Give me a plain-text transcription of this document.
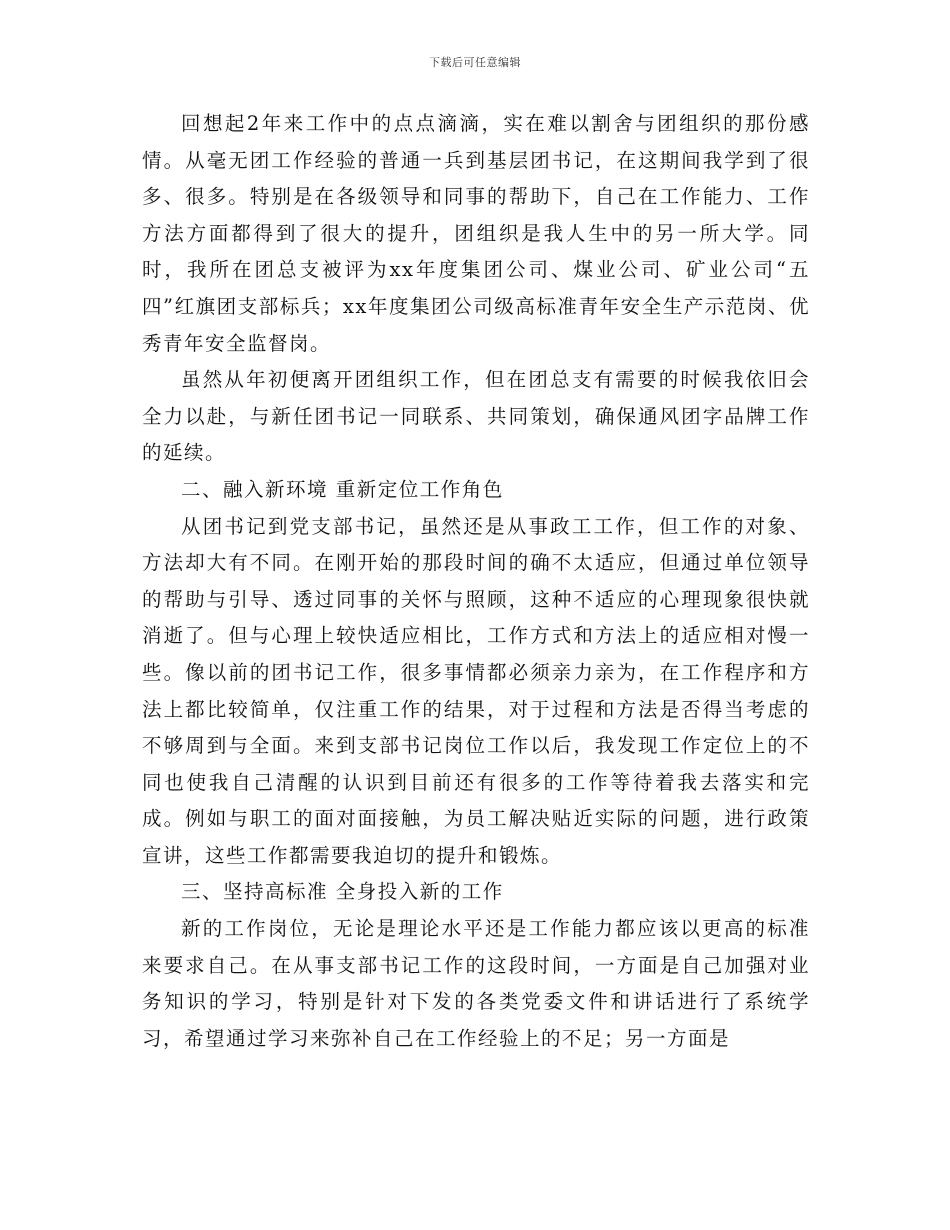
下载后可任意编辑

回想起2年来工作中的点点滴滴，实在难以割舍与团组织的那份感情。从毫无团工作经验的普通一兵到基层团书记，在这期间我学到了很多、很多。特别是在各级领导和同事的帮助下，自己在工作能力、工作方法方面都得到了很大的提升，团组织是我人生中的另一所大学。同时，我所在团总支被评为xx年度集团公司、煤业公司、矿业公司“五四”红旗团支部标兵；xx年度集团公司级高标准青年安全生产示范岗、优秀青年安全监督岗。

虽然从年初便离开团组织工作，但在团总支有需要的时候我依旧会全力以赴，与新任团书记一同联系、共同策划，确保通风团字品牌工作的延续。

二、融入新环境 重新定位工作角色

从团书记到党支部书记，虽然还是从事政工工作，但工作的对象、方法却大有不同。在刚开始的那段时间的确不太适应，但通过单位领导的帮助与引导、透过同事的关怀与照顾，这种不适应的心理现象很快就消逝了。但与心理上较快适应相比，工作方式和方法上的适应相对慢一些。像以前的团书记工作，很多事情都必须亲力亲为，在工作程序和方法上都比较简单，仅注重工作的结果，对于过程和方法是否得当考虑的不够周到与全面。来到支部书记岗位工作以后，我发现工作定位上的不同也使我自己清醒的认识到目前还有很多的工作等待着我去落实和完成。例如与职工的面对面接触，为员工解决贴近实际的问题，进行政策宣讲，这些工作都需要我迫切的提升和锻炼。

三、坚持高标准 全身投入新的工作

新的工作岗位，无论是理论水平还是工作能力都应该以更高的标准来要求自己。在从事支部书记工作的这段时间，一方面是自己加强对业务知识的学习，特别是针对下发的各类党委文件和讲话进行了系统学习，希望通过学习来弥补自己在工作经验上的不足；另一方面是
